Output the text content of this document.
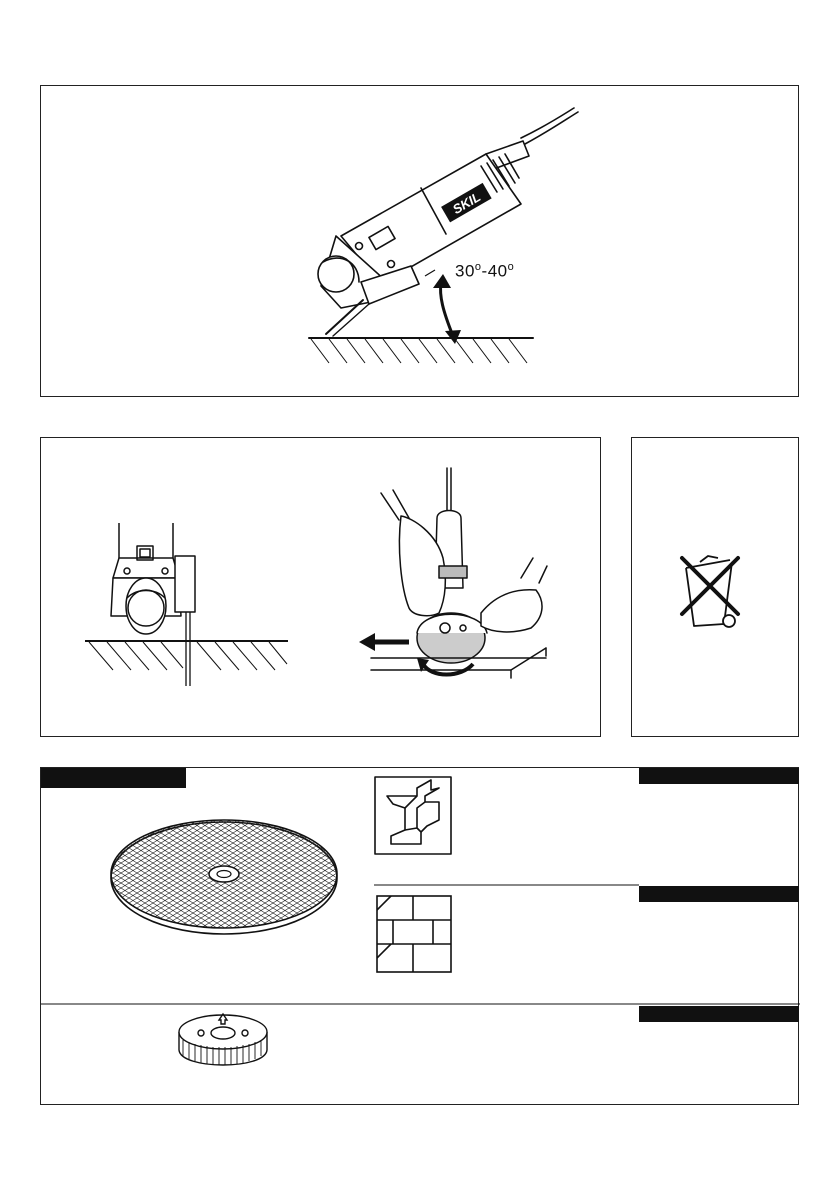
SKIL
30$^o$-40$^o$
